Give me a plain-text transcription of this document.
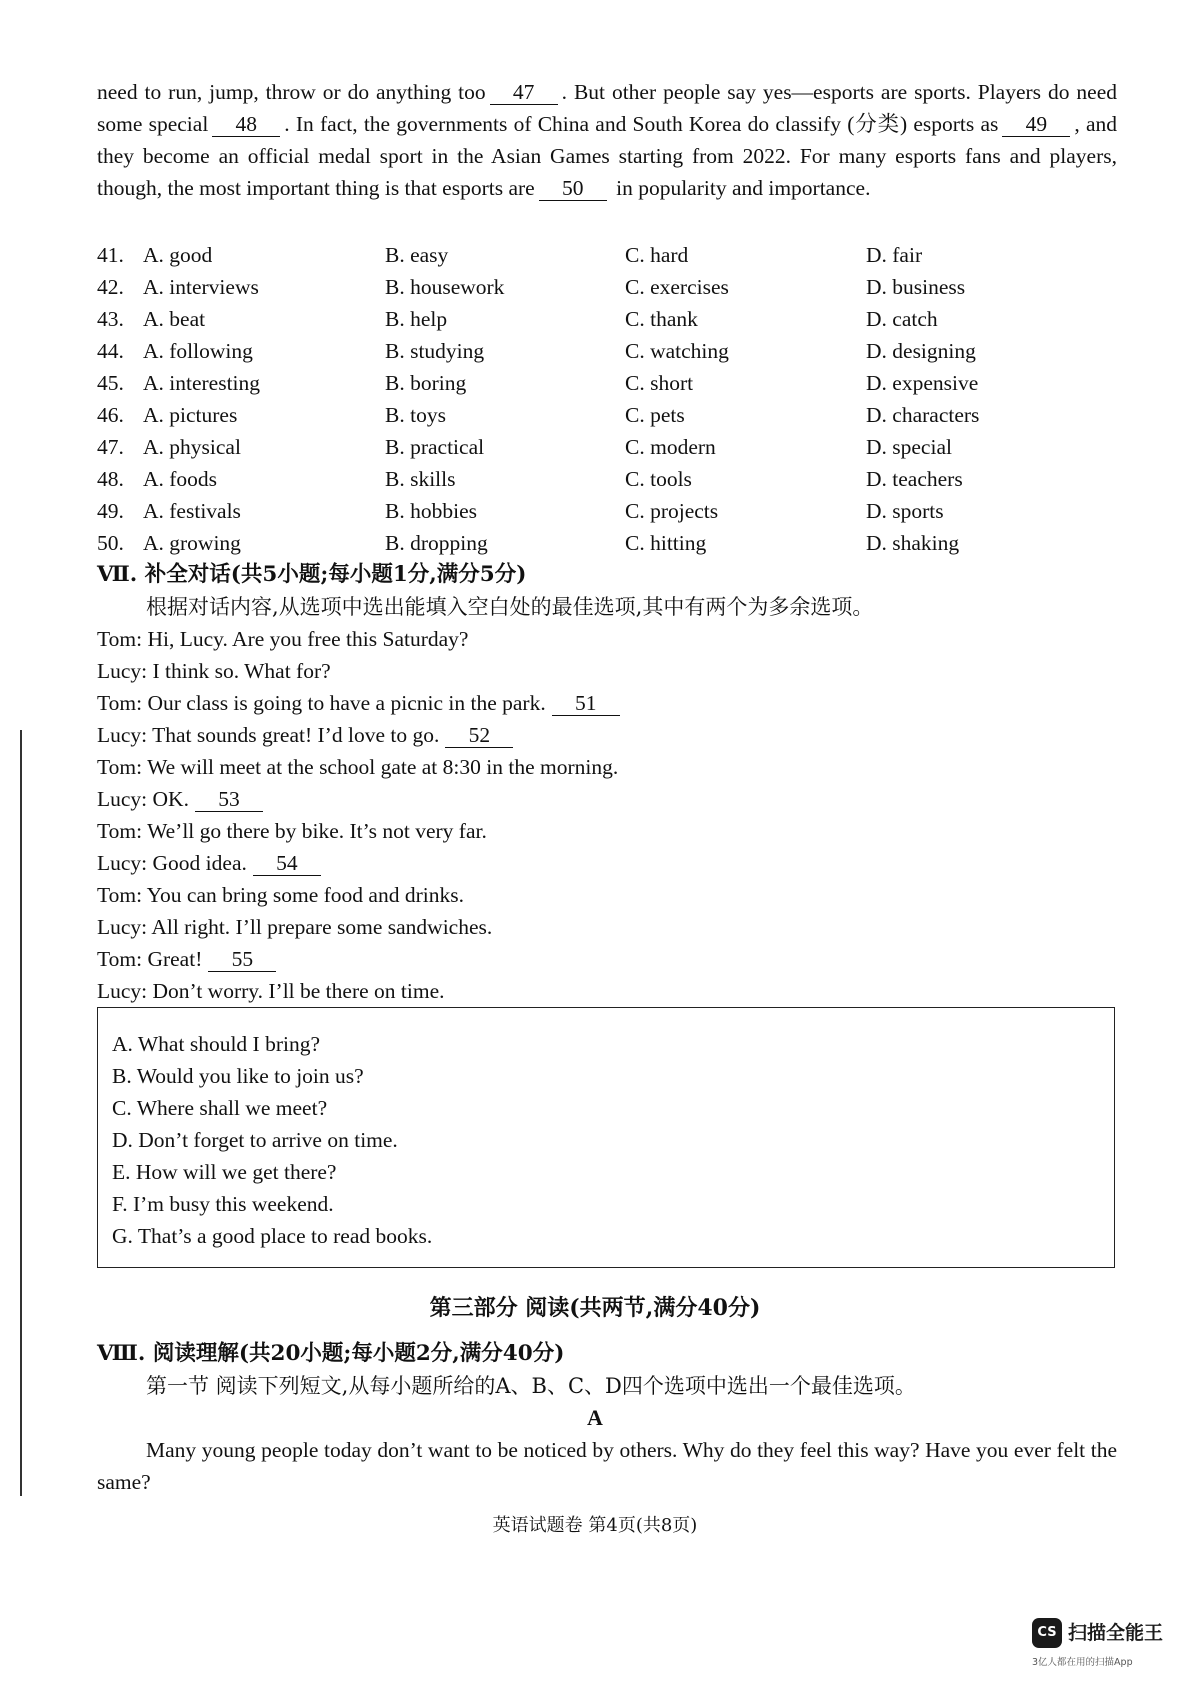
need to run, jump, throw or do anything too 47 . But other people say yes—esports are sports. Players do need some special 48 . In fact, the governments of China and South Korea do classify (分类) esports as 49 , and they become an official medal sport in the Asian Games starting from 2022. For many esports fans and players, though, the most important thing is that esports are 50 in popularity and importance.
41. A. good	B. easy	C. hard	D. fair
42. A. interviews	B. housework	C. exercises	D. business
43. A. beat	B. help	C. thank	D. catch
44. A. following	B. studying	C. watching	D. designing
45. A. interesting	B. boring	C. short	D. expensive
46. A. pictures	B. toys	C. pets	D. characters
47. A. physical	B. practical	C. modern	D. special
48. A. foods	B. skills	C. tools	D. teachers
49. A. festivals	B. hobbies	C. projects	D. sports
50. A. growing	B. dropping	C. hitting	D. shaking
Ⅶ. 补全对话(共5小题;每小题1分,满分5分)
根据对话内容,从选项中选出能填入空白处的最佳选项,其中有两个为多余选项。
Tom: Hi, Lucy. Are you free this Saturday?
Lucy: I think so. What for?
Tom: Our class is going to have a picnic in the park. 51
Lucy: That sounds great! I’d love to go. 52
Tom: We will meet at the school gate at 8:30 in the morning.
Lucy: OK. 53
Tom: We’ll go there by bike. It’s not very far.
Lucy: Good idea. 54
Tom: You can bring some food and drinks.
Lucy: All right. I’ll prepare some sandwiches.
Tom: Great! 55
Lucy: Don’t worry. I’ll be there on time.
A. What should I bring?
B. Would you like to join us?
C. Where shall we meet?
D. Don’t forget to arrive on time.
E. How will we get there?
F. I’m busy this weekend.
G. That’s a good place to read books.
第三部分 阅读(共两节,满分40分)
Ⅷ. 阅读理解(共20小题;每小题2分,满分40分)
第一节 阅读下列短文,从每小题所给的A、B、C、D四个选项中选出一个最佳选项。
A
Many young people today don’t want to be noticed by others. Why do they feel this way? Have you ever felt the same?
英语试题卷 第4页(共8页)
CS 扫描全能王
3亿人都在用的扫描App
